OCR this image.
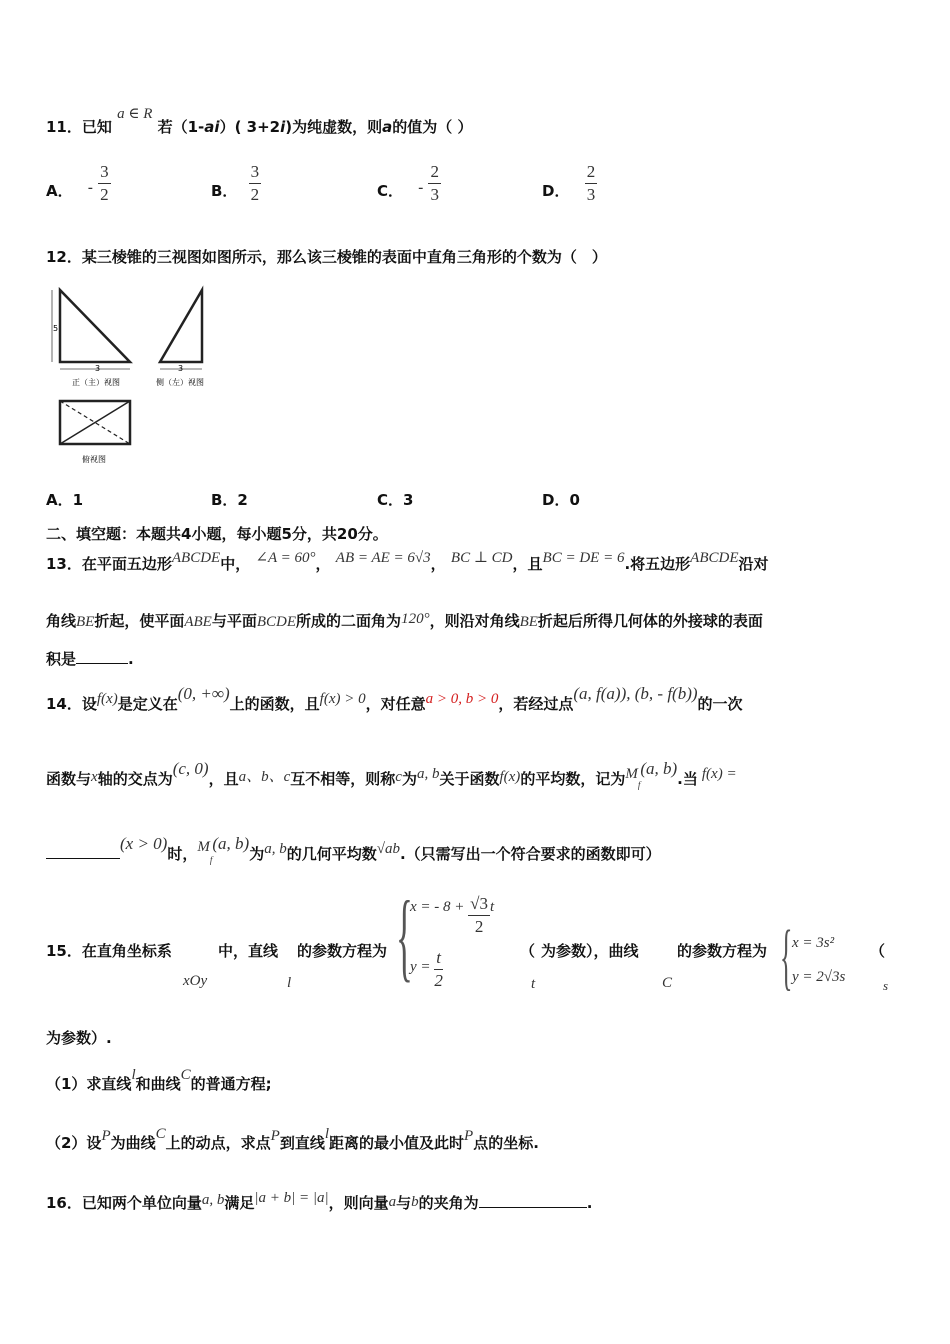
11．已知 a ∈ R 若（1-ai）( 3+2i)为纯虚数，则a的值为（ ）
A． - $\frac{3}{2}$	B． $\frac{3}{2}$	C． - $\frac{2}{3}$	D． $\frac{2}{3}$
12．某三棱锥的三视图如图所示，那么该三棱锥的表面中直角三角形的个数为（　）
5
3
正（主）视图
3
侧（左）视图
俯视图
A．1	B．2	C．3	D．0
二、填空题：本题共4小题，每小题5分，共20分。
13．在平面五边形ABCDE中， ∠A = 60°， AB = AE = 6√3， BC ⊥ CD，且BC = DE = 6.将五边形ABCDE沿对
角线BE折起，使平面ABE与平面BCDE所成的二面角为120°，则沿对角线BE折起后所得几何体的外接球的表面
积是	.
14．设f(x)是定义在(0, +∞)上的函数，且f(x) > 0，对任意a > 0, b > 0，若经过点(a, f(a)), (b, - f(b))的一次
函数与x轴的交点为(c, 0)，且a、b、c互不相等，则称c为a, b关于函数f(x)的平均数，记为$M_f(a$, b).当 f(x) =
(x > 0)时，$M_f(a$, b)为a, b的几何平均数√ab.（只需写出一个符合要求的函数即可）
15．在直角坐标系
xOy
中，直线
l
的参数方程为 {
x = - $8 + \frac{√3}{2}$ t
$y = \frac{t}{2}$	（
t
为参数），曲线
C
的参数方程为 { x = 3s²
y = 2√3s
（
s
为参数）.
（1）求直线l和曲线C的普通方程;
（2）设P为曲线C上的动点，求点P到直线l距离的最小值及此时P点的坐标.
16．已知两个单位向量a, b满足|a + b| = |a|，则向量a与b的夹角为	.
